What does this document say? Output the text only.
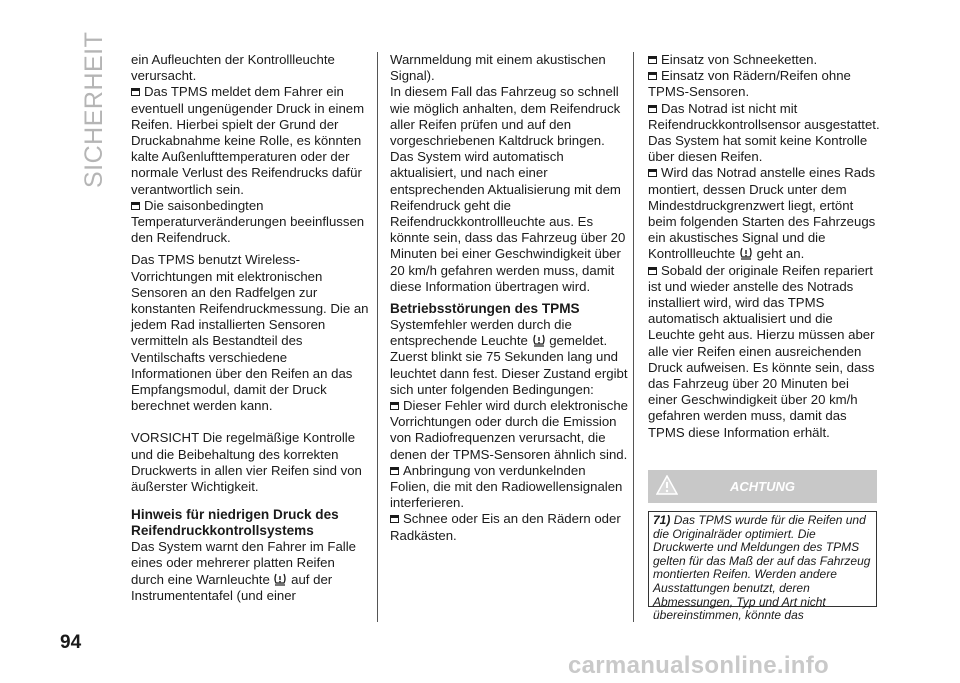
SICHERHEIT
94

ein Aufleuchten der Kontrollleuchte verursacht.

Das TPMS meldet dem Fahrer ein eventuell ungenügender Druck in einem Reifen. Hierbei spielt der Grund der Druckabnahme keine Rolle, es könnten kalte Außenlufttemperaturen oder der normale Verlust des Reifendrucks dafür verantwortlich sein.

Die saisonbedingten Temperaturveränderungen beeinflussen den Reifendruck.

Das TPMS benutzt Wireless-Vorrichtungen mit elektronischen Sensoren an den Radfelgen zur konstanten Reifendruckmessung. Die an jedem Rad installierten Sensoren vermitteln als Bestandteil des Ventilschafts verschiedene Informationen über den Reifen an das Empfangsmodul, damit der Druck berechnet werden kann.

VORSICHT Die regelmäßige Kontrolle und die Beibehaltung des korrekten Druckwerts in allen vier Reifen sind von äußerster Wichtigkeit.

Hinweis für niedrigen Druck des Reifendruckkontrollsystems

Das System warnt den Fahrer im Falle eines oder mehrerer platten Reifen durch eine Warnleuchte auf der Instrumententafel (und einer

Warnmeldung mit einem akustischen Signal).

In diesem Fall das Fahrzeug so schnell wie möglich anhalten, dem Reifendruck aller Reifen prüfen und auf den vorgeschriebenen Kaltdruck bringen. Das System wird automatisch aktualisiert, und nach einer entsprechenden Aktualisierung mit dem Reifendruck geht die Reifendruckkontrollleuchte aus. Es könnte sein, dass das Fahrzeug über 20 Minuten bei einer Geschwindigkeit über 20 km/h gefahren werden muss, damit diese Information übertragen wird.

Betriebsstörungen des TPMS

Systemfehler werden durch die entsprechende Leuchte gemeldet. Zuerst blinkt sie 75 Sekunden lang und leuchtet dann fest. Dieser Zustand ergibt sich unter folgenden Bedingungen:

Dieser Fehler wird durch elektronische Vorrichtungen oder durch die Emission von Radiofrequenzen verursacht, die denen der TPMS-Sensoren ähnlich sind.

Anbringung von verdunkelnden Folien, die mit den Radiowellensignalen interferieren.

Schnee oder Eis an den Rädern oder Radkästen.

Einsatz von Schneeketten.

Einsatz von Rädern/Reifen ohne TPMS-Sensoren.

Das Notrad ist nicht mit Reifendruckkontrollsensor ausgestattet. Das System hat somit keine Kontrolle über diesen Reifen.

Wird das Notrad anstelle eines Rads montiert, dessen Druck unter dem Mindestdruckgrenzwert liegt, ertönt beim folgenden Starten des Fahrzeugs ein akustisches Signal und die Kontrollleuchte geht an.

Sobald der originale Reifen repariert ist und wieder anstelle des Notrads installiert wird, wird das TPMS automatisch aktualisiert und die Leuchte geht aus. Hierzu müssen aber alle vier Reifen einen ausreichenden Druck aufweisen. Es könnte sein, dass das Fahrzeug über 20 Minuten bei einer Geschwindigkeit über 20 km/h gefahren werden muss, damit das TPMS diese Information erhält.

ACHTUNG
71) Das TPMS wurde für die Reifen und die Originalräder optimiert. Die Druckwerte und Meldungen des TPMS gelten für das Maß der auf das Fahrzeug montierten Reifen. Werden andere Ausstattungen benutzt, deren Abmessungen, Typ und Art nicht übereinstimmen, könnte das
carmanualsonline.info
